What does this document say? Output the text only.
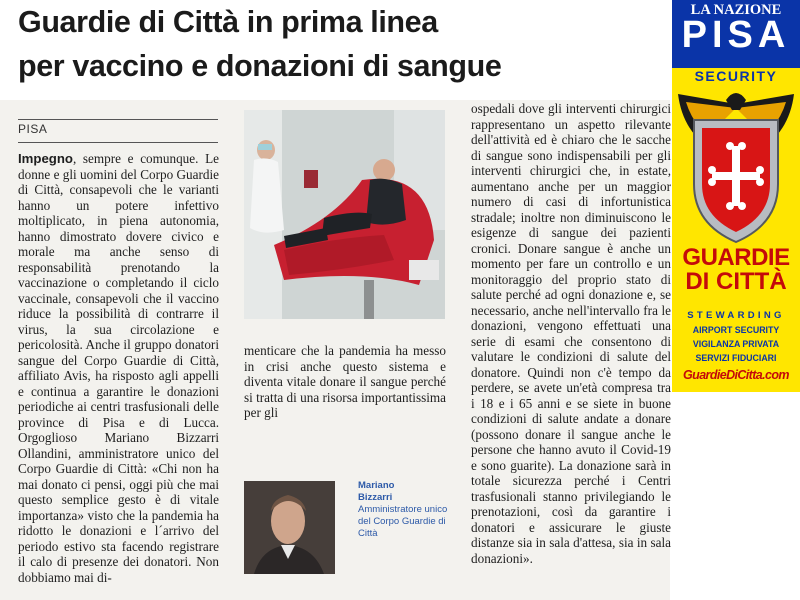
Guardie di Città in prima linea
per vaccino e donazioni di sangue
PISA
Impegno, sempre e comunque. Le donne e gli uomini del Corpo Guardie di Città, consapevoli che le varianti hanno un potere infettivo moltiplicato, in piena autonomia, hanno dimostrato dovere civico e morale ma anche senso di responsabilità prenotando la vaccinazione o completando il ciclo vaccinale, consapevoli che il vaccino riduce la possibilità di contrarre il virus, la sua circolazione e pericolosità. Anche il gruppo donatori sangue del Corpo Guardie di Città, affiliato Avis, ha risposto agli appelli e continua a garantire le donazioni periodiche ai centri trasfusionali delle province di Pisa e di Lucca. Orgoglioso Mariano Bizzarri Ollandini, amministratore unico del Corpo Guardie di Città: «Chi non ha mai donato ci pensi, oggi più che mai questo semplice gesto è di vitale importanza» visto che la pandemia ha ridotto le donazioni e l´arrivo del periodo estivo sta facendo registrare il calo di presenze dei donatori. Non dobbiamo mai di-
menticare che la pandemia ha messo in crisi anche questo sistema e diventa vitale donare il sangue perché si tratta di una risorsa importantissima per gli
Mariano
Bizzarri
Amministratore unico del Corpo Guardie di Città
ospedali dove gli interventi chirurgici rappresentano un aspetto rilevante dell'attività ed è chiaro che le sacche di sangue sono indispensabili per gli interventi chirurgici che, in estate, aumentano anche per un maggior numero di casi di infortunistica stradale; inoltre non diminuiscono le esigenze di sangue dei pazienti cronici. Donare sangue è anche un momento per fare un controllo e un monitoraggio del proprio stato di salute perché ad ogni donazione e, se necessario, anche nell'intervallo fra le donazioni, vengono effettuati una serie di esami che consentono di valutare le condizioni di salute del donatore. Quindi non c'è tempo da perdere, se avete un'età compresa tra i 18 e i 65 anni e se siete in buone condizioni di salute andate a donare (possono donare il sangue anche le persone che hanno avuto il Covid-19 e sono guarite). La donazione sarà in totale sicurezza perché i Centri trasfusionali stanno privilegiando le prenotazioni, così da garantire i donatori e assicurare le giuste distanze sia in sala d'attesa, sia in sala donazioni».
LA NAZIONE
PISA
SECURITY
GUARDIE
DI CITTÀ
STEWARDING
AIRPORT SECURITY
VIGILANZA PRIVATA
SERVIZI FIDUCIARI
GuardieDiCitta.com
